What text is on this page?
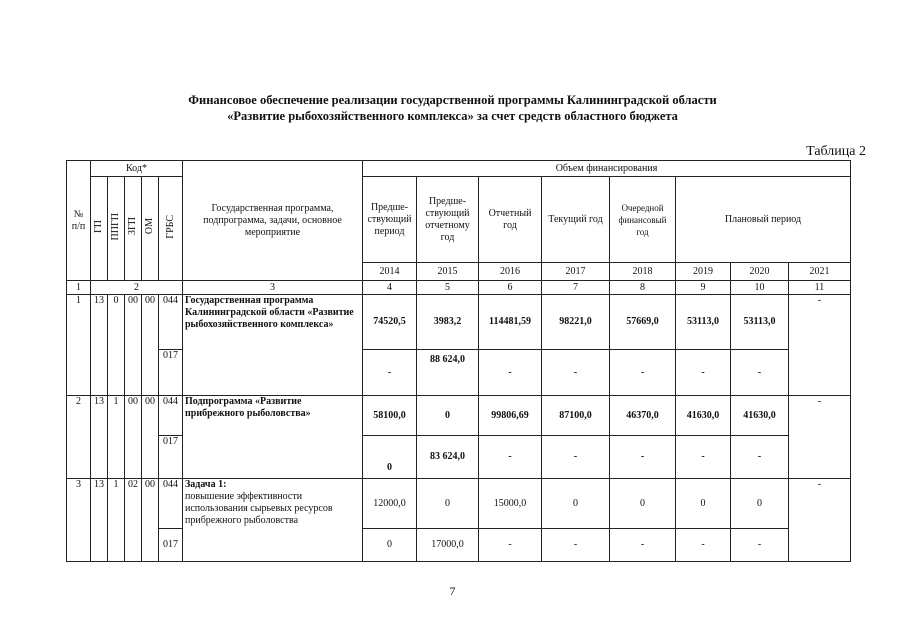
Финансовое обеспечение реализации государственной программы Калининградской области
«Развитие рыбохозяйственного комплекса» за счет средств областного бюджета
Таблица 2
№ п/п	Код*					Государственная программа, подпрограмма, задачи, основное мероприятие	Объем финансирования							
	ГП	ППГП	ЗГП	ОМ	ГРБС		Предше-ствующий период	Предше-ствующий отчетному год	Отчетный год	Текущий год	Очередной финансовый год	Плановый период		
							2014	2015	2016	2017	2018	2019	2020	2021
1	2					3	4	5	6	7	8	9	10	11
1	13	0	00	00	044	Государственная программа Калининградской области «Развитие рыбохозяйственного комплекса»	74520,5	3983,2	114481,59	98221,0	57669,0	53113,0	53113,0	-
					017		-	88 624,0	-	-	-	-	-	
2	13	1	00	00	044	Подпрограмма «Развитие прибрежного рыболовства»	58100,0	0	99806,69	87100,0	46370,0	41630,0	41630,0	-
					017		0	83 624,0	-	-	-	-	-	
3	13	1	02	00	044	Задача 1:
повышение эффективности использования сырьевых ресурсов прибрежного рыболовства	12000,0	0	15000,0	0	0	0	0	-
					017		0	17000,0	-	-	-	-	-	
7
